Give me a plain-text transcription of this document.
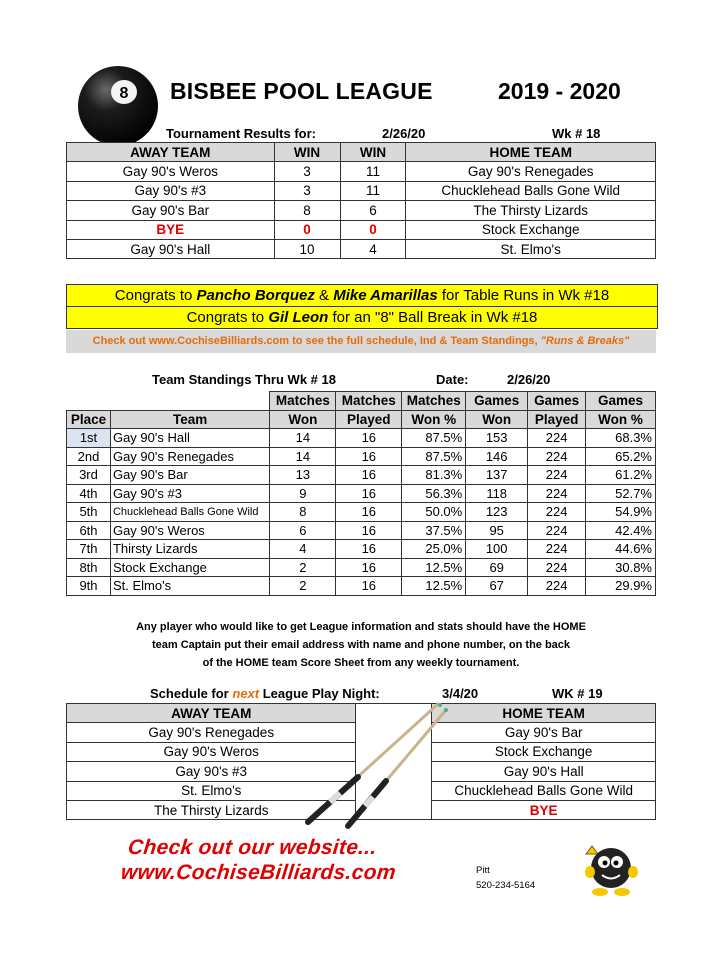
8 BISBEE POOL LEAGUE	2019 - 2020
Tournament Results for:	2/26/20	Wk # 18
AWAY TEAM	WIN	WIN	HOME TEAM
Gay 90's Weros	3	11	Gay 90's Renegades
Gay 90's #3	3	11	Chucklehead Balls Gone Wild
Gay 90's Bar	8	6	The Thirsty Lizards
BYE	0	0	Stock Exchange
Gay 90's Hall	10	4	St. Elmo's
Congrats to Pancho Borquez & Mike Amarillas for Table Runs in Wk #18
Congrats to Gil Leon for an "8" Ball Break in Wk #18
Check out www.CochiseBilliards.com to see the full schedule, Ind & Team Standings, "Runs & Breaks"
Team Standings Thru Wk # 18	Date:	2/26/20
		Matches	Matches	Matches	Games	Games	Games
Place	Team	Won	Played	Won %	Won	Played	Won %
1st	Gay 90's Hall	14	16	87.5%	153	224	68.3%
2nd	Gay 90's Renegades	14	16	87.5%	146	224	65.2%
3rd	Gay 90's Bar	13	16	81.3%	137	224	61.2%
4th	Gay 90's #3	9	16	56.3%	118	224	52.7%
5th	Chucklehead Balls Gone Wild	8	16	50.0%	123	224	54.9%
6th	Gay 90's Weros	6	16	37.5%	95	224	42.4%
7th	Thirsty Lizards	4	16	25.0%	100	224	44.6%
8th	Stock Exchange	2	16	12.5%	69	224	30.8%
9th	St. Elmo's	2	16	12.5%	67	224	29.9%
Any player who would like to get League information and stats should have the HOME
team Captain put their email address with name and phone number, on the back
of the HOME team Score Sheet from any weekly tournament.
Schedule for next League Play Night:	3/4/20	WK # 19
AWAY TEAM		HOME TEAM
Gay 90's Renegades		Gay 90's Bar
Gay 90's Weros		Stock Exchange
Gay 90's #3		Gay 90's Hall
St. Elmo's		Chucklehead Balls Gone Wild
The Thirsty Lizards		BYE
Check out our website...
www.CochiseBilliards.com	Pitt
520-234-5164
